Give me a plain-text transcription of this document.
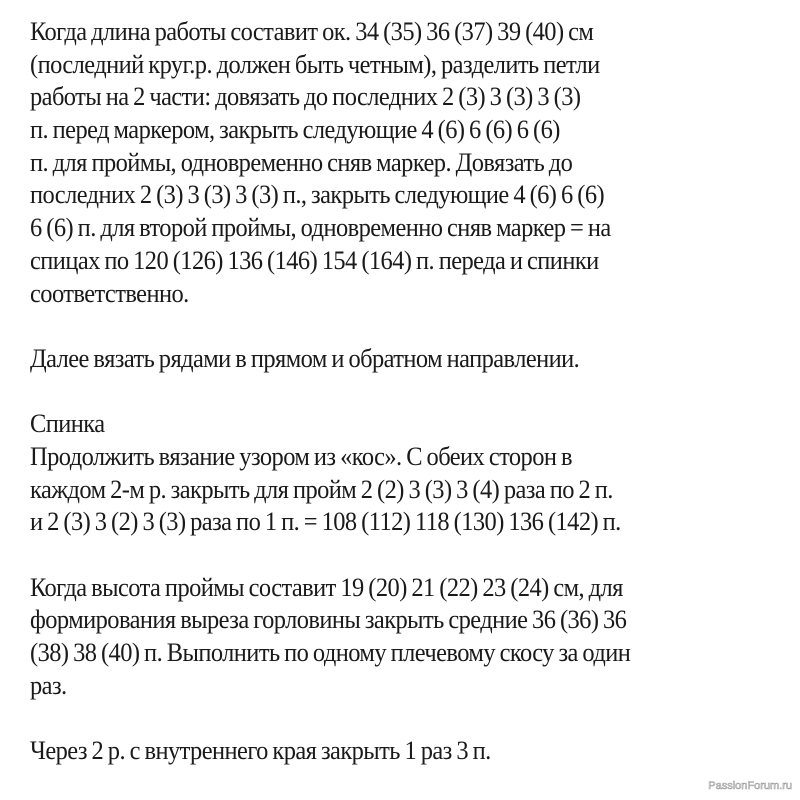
Когда длина работы составит ок. 34 (35) 36 (37) 39 (40) см
(последний круг.р. должен быть четным), разделить петли
работы на 2 части: довязать до последних 2 (3) 3 (3) 3 (3)
п. перед маркером, закрыть следующие 4 (6) 6 (6) 6 (6)
п. для проймы, одновременно сняв маркер. Довязать до
последних 2 (3) 3 (3) 3 (3) п., закрыть следующие 4 (6) 6 (6)
6 (6) п. для второй проймы, одновременно сняв маркер = на
спицах по 120 (126) 136 (146) 154 (164) п. переда и спинки
соответственно.
Далее вязать рядами в прямом и обратном направлении.
Спинка
Продолжить вязание узором из «кос». С обеих сторон в
каждом 2-м р. закрыть для пройм 2 (2) 3 (3) 3 (4) раза по 2 п.
и 2 (3) 3 (2) 3 (3) раза по 1 п. = 108 (112) 118 (130) 136 (142) п.
Когда высота проймы составит 19 (20) 21 (22) 23 (24) см, для
формирования выреза горловины закрыть средние 36 (36) 36
(38) 38 (40) п. Выполнить по одному плечевому скосу за один
раз.
Через 2 р. с внутреннего края закрыть 1 раз 3 п.
PassionForum.ru
